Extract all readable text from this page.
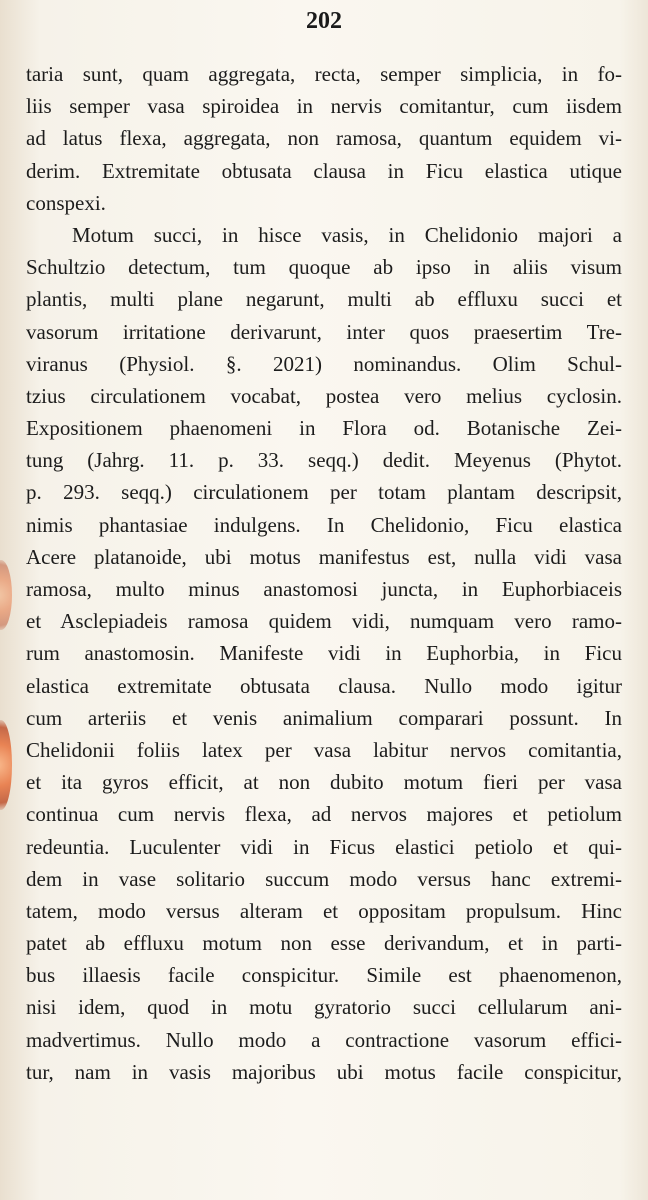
202
taria sunt, quam aggregata, recta, semper simplicia, in fo-
liis semper vasa spiroidea in nervis comitantur, cum iisdem
ad latus flexa, aggregata, non ramosa, quantum equidem vi-
derim. Extremitate obtusata clausa in Ficu elastica utique
conspexi.
Motum succi, in hisce vasis, in Chelidonio majori a
Schultzio detectum, tum quoque ab ipso in aliis visum
plantis, multi plane negarunt, multi ab effluxu succi et
vasorum irritatione derivarunt, inter quos praesertim Tre-
viranus (Physiol. §. 2021) nominandus. Olim Schul-
tzius circulationem vocabat, postea vero melius cyclosin.
Expositionem phaenomeni in Flora od. Botanische Zei-
tung (Jahrg. 11. p. 33. seqq.) dedit. Meyenus (Phytot.
p. 293. seqq.) circulationem per totam plantam descripsit,
nimis phantasiae indulgens. In Chelidonio, Ficu elastica
Acere platanoide, ubi motus manifestus est, nulla vidi vasa
ramosa, multo minus anastomosi juncta, in Euphorbiaceis
et Asclepiadeis ramosa quidem vidi, numquam vero ramo-
rum anastomosin. Manifeste vidi in Euphorbia, in Ficu
elastica extremitate obtusata clausa. Nullo modo igitur
cum arteriis et venis animalium comparari possunt. In
Chelidonii foliis latex per vasa labitur nervos comitantia,
et ita gyros efficit, at non dubito motum fieri per vasa
continua cum nervis flexa, ad nervos majores et petiolum
redeuntia. Luculenter vidi in Ficus elastici petiolo et qui-
dem in vase solitario succum modo versus hanc extremi-
tatem, modo versus alteram et oppositam propulsum. Hinc
patet ab effluxu motum non esse derivandum, et in parti-
bus illaesis facile conspicitur. Simile est phaenomenon,
nisi idem, quod in motu gyratorio succi cellularum ani-
madvertimus. Nullo modo a contractione vasorum effici-
tur, nam in vasis majoribus ubi motus facile conspicitur,
